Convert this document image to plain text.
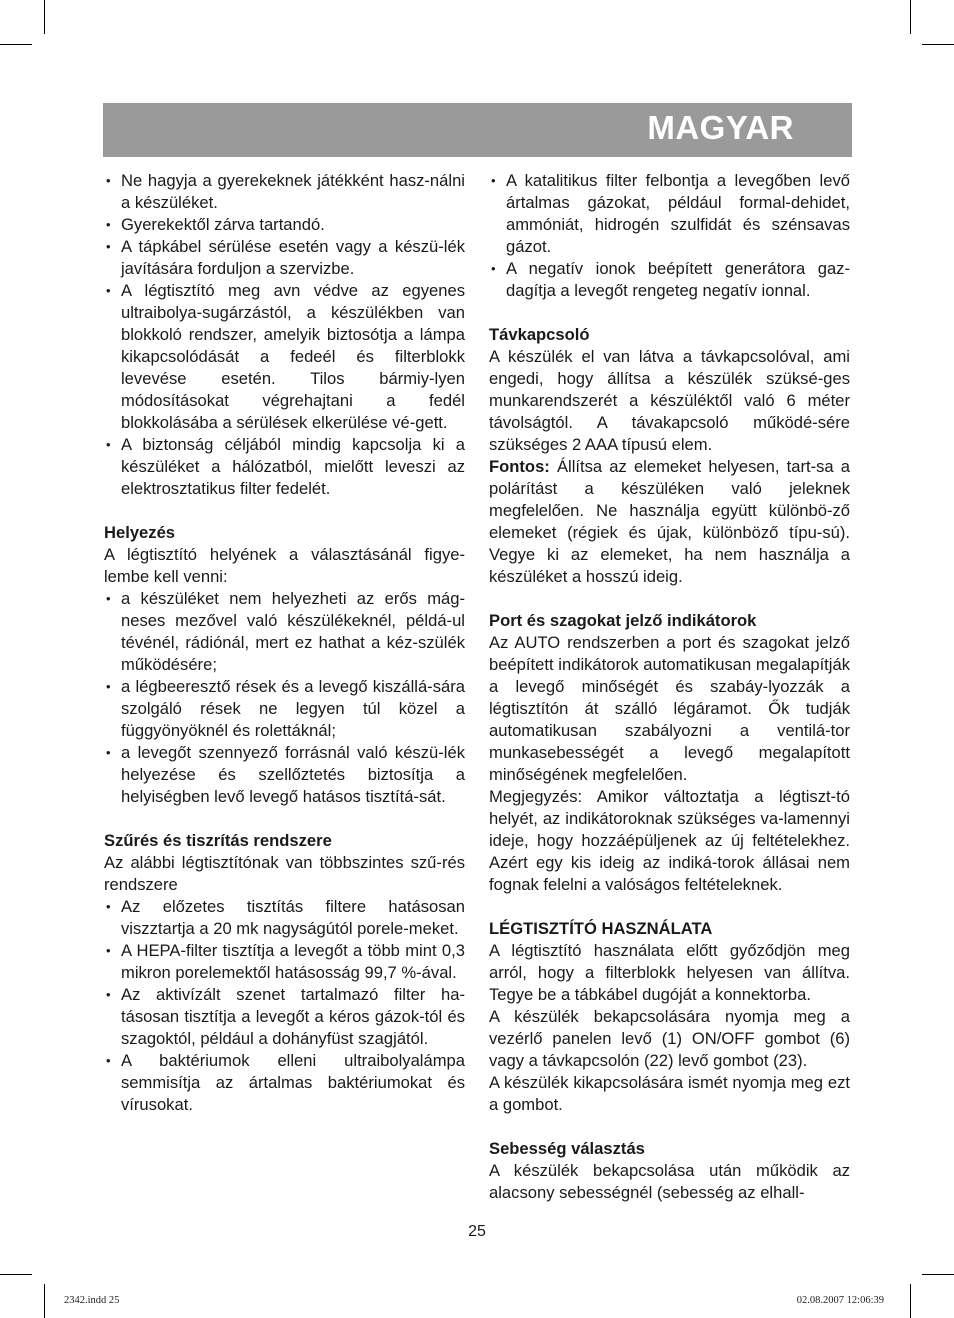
MAGYAR
• Ne hagyja a gyerekeknek játékként hasz-nálni a készüléket.
• Gyerekektől zárva tartandó.
• A tápkábel sérülése esetén vagy a készü-lék javítására forduljon a szervizbe.
• A légtisztító meg avn védve az egyenes ultraibolya-sugárzástól, a készülékben van blokkoló rendszer, amelyik biztosótja a lámpa kikapcsolódását a fedeél és filterblokk levevése esetén. Tilos bármiy-lyen módosításokat végrehajtani a fedél blokkolásába a sérülések elkerülése vé-gett.
• A biztonság céljából mindig kapcsolja ki a készüléket a hálózatból, mielőtt leveszi az elektrosztatikus filter fedelét.
Helyezés

A légtisztító helyének a választásánál figye-lembe kell venni:

• a készüléket nem helyezheti az erős mág-neses mezővel való készülékeknél, példá-ul tévénél, rádiónál, mert ez hathat a kéz-szülék működésére;
• a légbeeresztő rések és a levegő kiszállá-sára szolgáló rések ne legyen túl közel a függyönyöknél és rolettáknál;
• a levegőt szennyező forrásnál való készü-lék helyezése és szellőztetés biztosítja a helyiségben levő levegő hatásos tisztítá-sát.
Szűrés és tiszrítás rendszere

Az alábbi légtisztítónak van többszintes szű-rés rendszere

• Az előzetes tisztítás filtere hatásosan viszztartja a 20 mk nagyságútól porele-meket.
• A HEPA-filter tisztítja a levegőt a több mint 0,3 mikron porelemektől hatásosság 99,7 %-ával.
• Az aktivízált szenet tartalmazó filter ha-tásosan tisztítja a levegőt a kéros gázok-tól és szagoktól, például a dohányfüst szagjától.
• A baktériumok elleni ultraibolyalámpa semmisítja az ártalmas baktériumokat és vírusokat.
• A katalitikus filter felbontja a levegőben levő ártalmas gázokat, például formal-dehidet, ammóniát, hidrogén szulfidát és szénsavas gázot.
• A negatív ionok beépített generátora gaz-dagítja a levegőt rengeteg negatív ionnal.
Távkapcsoló

A készülék el van látva a távkapcsolóval, ami engedi, hogy állítsa a készülék szüksé-ges munkarendszerét a készüléktől való 6 méter távolságtól. A távakapcsoló működé-sére szükséges 2 AAA típusú elem.

Fontos: Állítsa az elemeket helyesen, tart-sa a polárítást a készüléken való jeleknek megfelelően. Ne használja együtt különbö-ző elemeket (régiek és újak, különböző típu-sú). Vegye ki az elemeket, ha nem használja a készüléket a hosszú ideig.

Port és szagokat jelző indikátorok

Az AUTO rendszerben a port és szagokat jelző beépített indikátorok automatikusan megalapítják a levegő minőségét és szabáy-lyozzák a légtisztítón át szálló légáramot. Ők tudják automatikusan szabályozni a ventilá-tor munkasebességét a levegő megalapított minőségének megfelelően.

Megjegyzés: Amikor változtatja a légtiszt-tó helyét, az indikátoroknak szükséges va-lamennyi ideje, hogy hozzáépüljenek az új feltételekhez. Azért egy kis ideig az indiká-torok állásai nem fognak felelni a valóságos feltételeknek.

LÉGTISZTÍTÓ HASZNÁLATA

A légtisztító használata előtt győződjön meg arról, hogy a filterblokk helyesen van állítva. Tegye be a tábkábel dugóját a konnektorba.

A készülék bekapcsolására nyomja meg a vezérlő panelen levő (1) ON/OFF gombot (6) vagy a távkapcsolón (22) levő gombot (23).

A készülék kikapcsolására ismét nyomja meg ezt a gombot.

Sebesség választás

A készülék bekapcsolása után működik az alacsony sebességnél (sebesség az elhall-

25
2342.indd 25	02.08.2007 12:06:39
